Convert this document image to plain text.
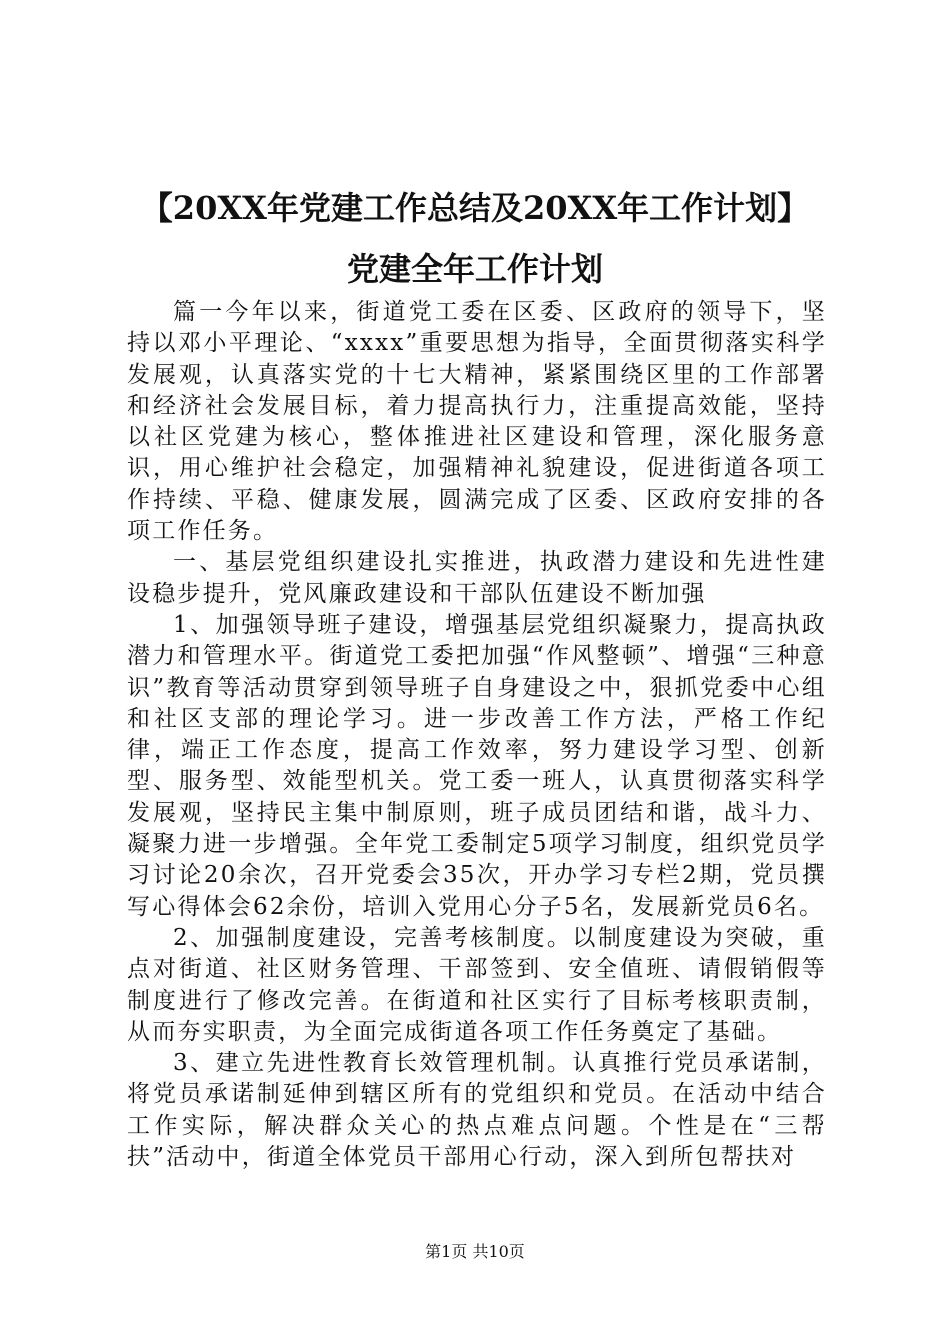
【20XX年党建工作总结及20XX年工作计划】
党建全年工作计划

篇一今年以来，街道党工委在区委、区政府的领导下，坚持以邓小平理论、“xxxx”重要思想为指导，全面贯彻落实科学发展观，认真落实党的十七大精神，紧紧围绕区里的工作部署和经济社会发展目标，着力提高执行力，注重提高效能，坚持以社区党建为核心，整体推进社区建设和管理，深化服务意识，用心维护社会稳定，加强精神礼貌建设，促进街道各项工作持续、平稳、健康发展，圆满完成了区委、区政府安排的各项工作任务。

一、基层党组织建设扎实推进，执政潜力建设和先进性建设稳步提升，党风廉政建设和干部队伍建设不断加强

1、加强领导班子建设，增强基层党组织凝聚力，提高执政潜力和管理水平。街道党工委把加强“作风整顿”、增强“三种意识”教育等活动贯穿到领导班子自身建设之中，狠抓党委中心组和社区支部的理论学习。进一步改善工作方法，严格工作纪律，端正工作态度，提高工作效率，努力建设学习型、创新型、服务型、效能型机关。党工委一班人，认真贯彻落实科学发展观，坚持民主集中制原则，班子成员团结和谐，战斗力、凝聚力进一步增强。全年党工委制定5项学习制度，组织党员学习讨论20余次，召开党委会35次，开办学习专栏2期，党员撰写心得体会62余份，培训入党用心分子5名，发展新党员6名。

2、加强制度建设，完善考核制度。以制度建设为突破，重点对街道、社区财务管理、干部签到、安全值班、请假销假等制度进行了修改完善。在街道和社区实行了目标考核职责制，从而夯实职责，为全面完成街道各项工作任务奠定了基础。

3、建立先进性教育长效管理机制。认真推行党员承诺制，将党员承诺制延伸到辖区所有的党组织和党员。在活动中结合工作实际，解决群众关心的热点难点问题。个性是在“三帮扶”活动中，街道全体党员干部用心行动，深入到所包帮扶对

第1页 共10页
